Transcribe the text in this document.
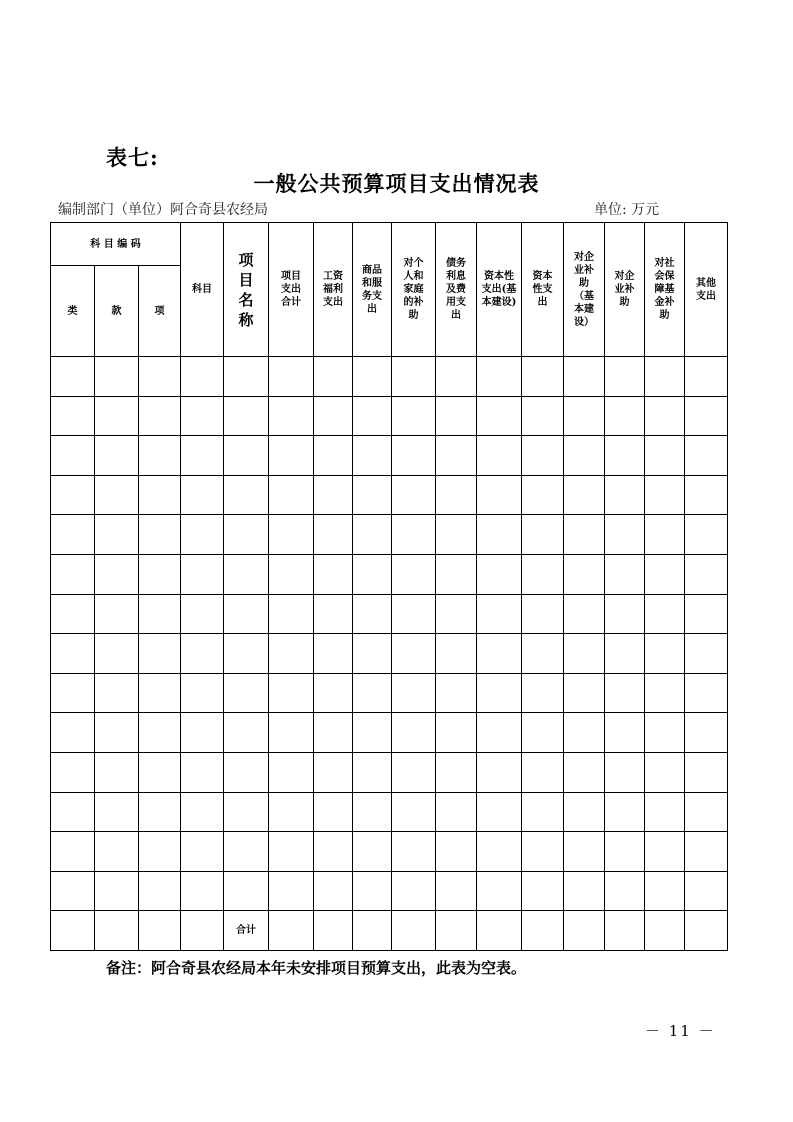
表七:
一般公共预算项目支出情况表
编制部门（单位）阿合奇县农经局	单位: 万元
科 目 编 码			科目	项目名称	项目支出合计	工资福利支出	商品和服务支出	对个人和家庭的补助	债务利息及费用支出	资本性支出(基本建设)	资本性支出	对企业补助（基本建设）	对企业补助	对社会保障基金补助	其他支出
类	款	项													

				合计											
备注：阿合奇县农经局本年未安排项目预算支出，此表为空表。
－ 11 －
